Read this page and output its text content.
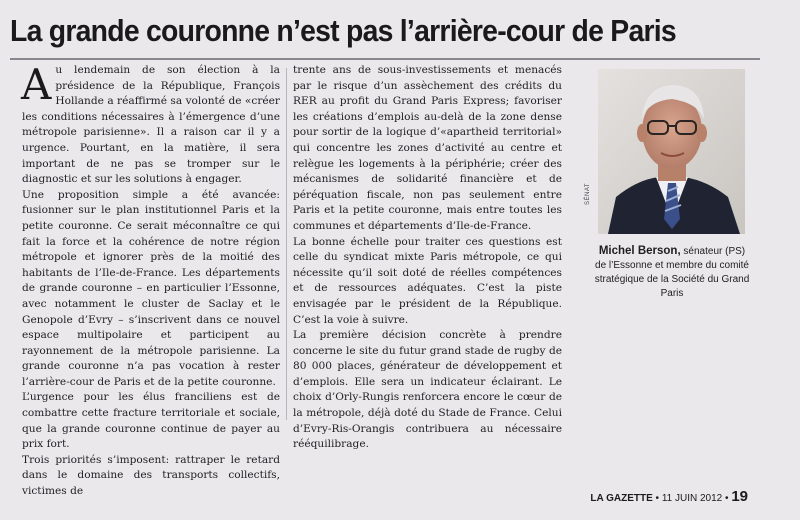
La grande couronne n’est pas l’arrière-cour de Paris

Au lendemain de son élection à la présidence de la République, François Hollande a réaffirmé sa volonté de «créer les conditions nécessaires à l’émergence d’une métropole parisienne». Il a raison car il y a urgence. Pourtant, en la matière, il sera important de ne pas se tromper sur le diagnostic et sur les solutions à engager.

Une proposition simple a été avancée: fusionner sur le plan institutionnel Paris et la petite couronne. Ce serait méconnaître ce qui fait la force et la cohérence de notre région métropole et ignorer près de la moitié des habitants de l’Ile-de-France. Les départements de grande couronne – en particulier l’Essonne, avec notamment le cluster de Saclay et le Genopole d’Evry – s’inscrivent dans ce nouvel espace multipolaire et participent au rayonnement de la métropole parisienne. La grande couronne n’a pas vocation à rester l’arrière-cour de Paris et de la petite couronne.

L’urgence pour les élus franciliens est de combattre cette fracture territoriale et sociale, que la grande couronne continue de payer au prix fort.

Trois priorités s’imposent: rattraper le retard dans le domaine des transports collectifs, victimes de

trente ans de sous-investissements et menacés par le risque d’un assèchement des crédits du RER au profit du Grand Paris Express; favoriser les créations d’emplois au-delà de la zone dense pour sortir de la logique d’«apartheid territorial» qui concentre les zones d’activité au centre et relègue les logements à la périphérie; créer des mécanismes de solidarité financière et de péréquation fiscale, non pas seulement entre Paris et la petite couronne, mais entre toutes les communes et départements d’Ile-de-France.

La bonne échelle pour traiter ces questions est celle du syndicat mixte Paris métropole, ce qui nécessite qu’il soit doté de réelles compétences et de ressources adéquates. C’est la piste envisagée par le président de la République. C’est la voie à suivre.

La première décision concrète à prendre concerne le site du futur grand stade de rugby de 80 000 places, générateur de développement et d’emplois. Elle sera un indicateur éclairant. Le choix d’Orly-Rungis renforcera encore le cœur de la métropole, déjà doté du Stade de France. Celui d’Evry-Ris-Orangis contribuera au nécessaire rééquilibrage.

SÉNAT
Michel Berson, sénateur (PS) de l’Essonne et membre du comité stratégique de la Société du Grand Paris
LA GAZETTE • 11 JUIN 2012 • 19
